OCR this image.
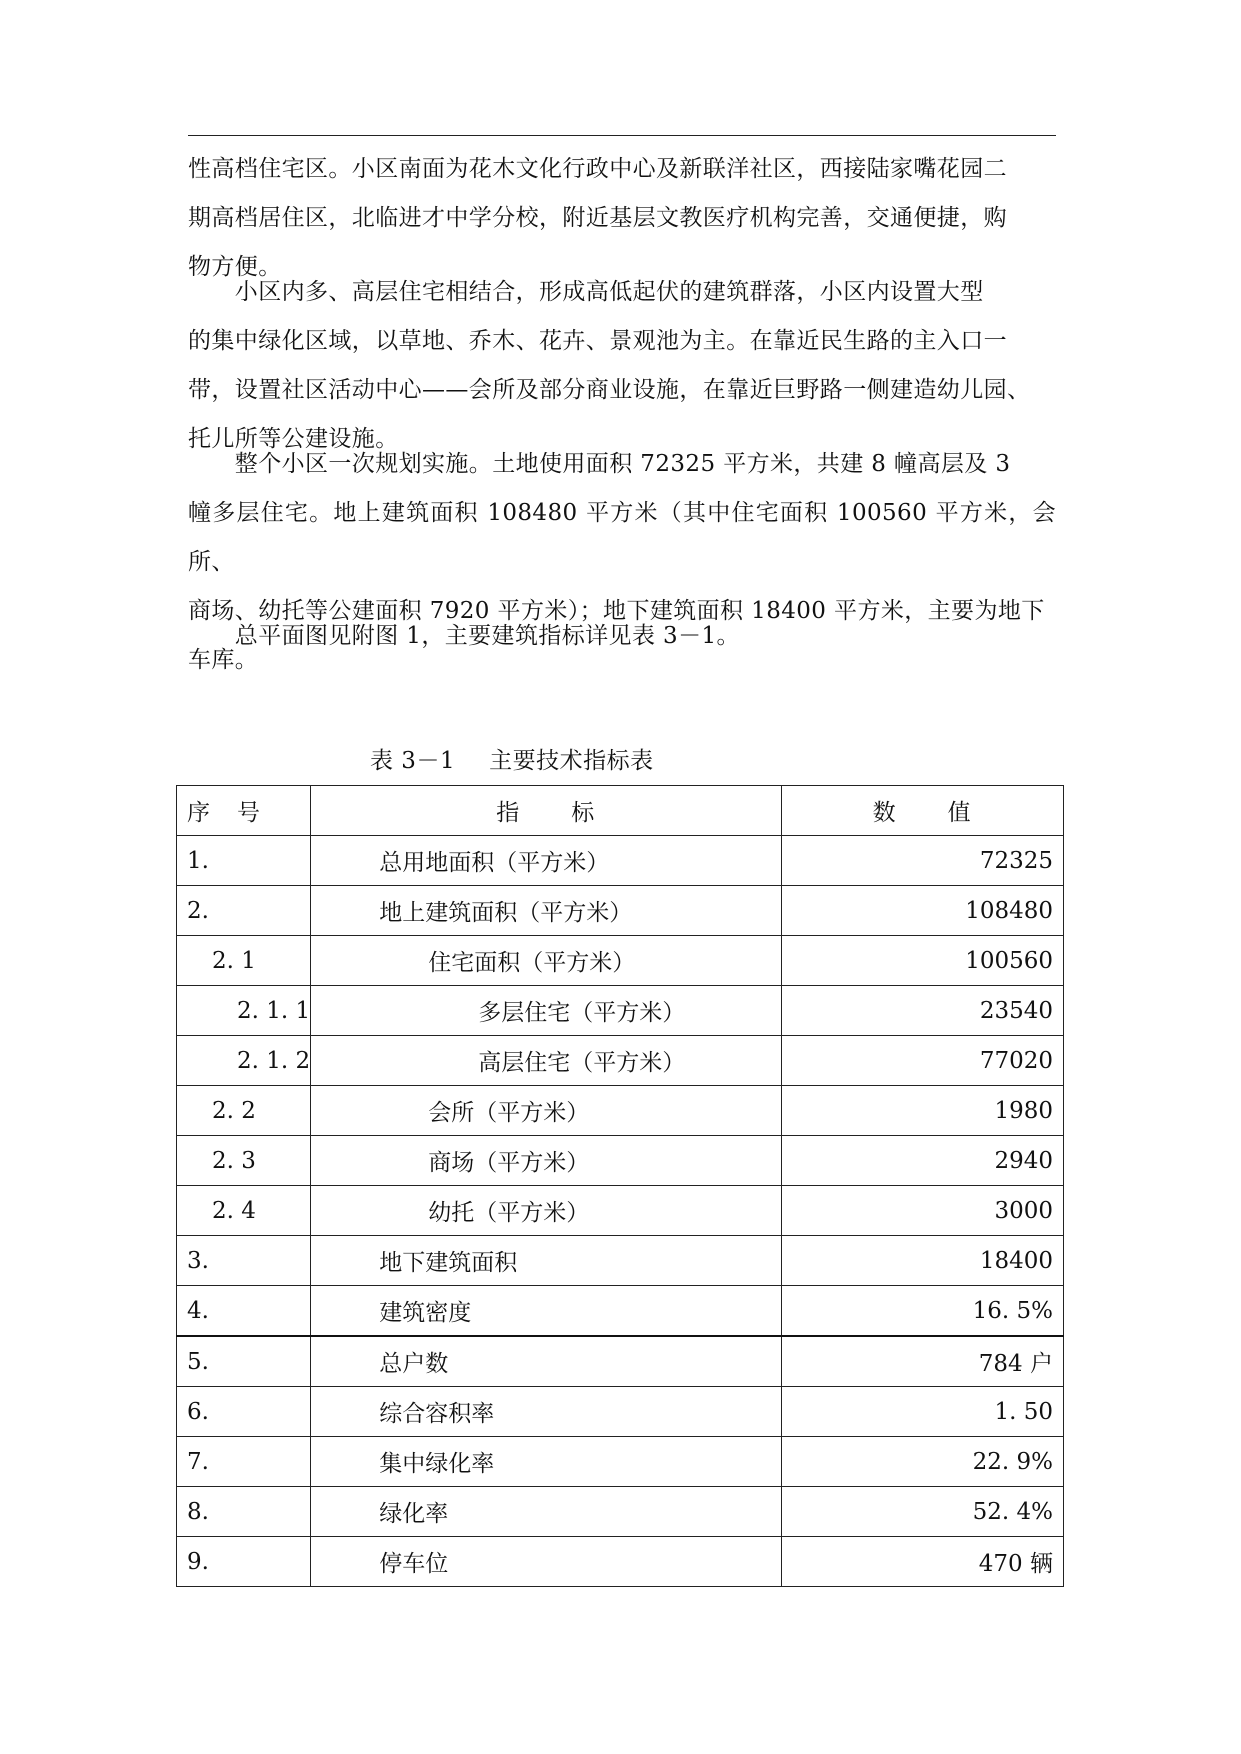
性高档住宅区。小区南面为花木文化行政中心及新联洋社区，西接陆家嘴花园二
期高档居住区，北临进才中学分校，附近基层文教医疗机构完善，交通便捷，购
物方便。
　　小区内多、高层住宅相结合，形成高低起伏的建筑群落，小区内设置大型
的集中绿化区域，以草地、乔木、花卉、景观池为主。在靠近民生路的主入口一
带，设置社区活动中心——会所及部分商业设施，在靠近巨野路一侧建造幼儿园、
托儿所等公建设施。
　　整个小区一次规划实施。土地使用面积 72325 平方米，共建 8 幢高层及 3
幢多层住宅。地上建筑面积 108480 平方米（其中住宅面积 100560 平方米，会所、
商场、幼托等公建面积 7920 平方米）；地下建筑面积 18400 平方米，主要为地下
车库。
　　总平面图见附图 1，主要建筑指标详见表 3－1。
表 3－1 主要技术指标表
序　号	指　　标	数　　值
1.	总用地面积（平方米）	72325
2.	地上建筑面积（平方米）	108480
2. 1	住宅面积（平方米）	100560
2. 1. 1	多层住宅（平方米）	23540
2. 1. 2	高层住宅（平方米）	77020
2. 2	会所（平方米）	1980
2. 3	商场（平方米）	2940
2. 4	幼托（平方米）	3000
3.	地下建筑面积	18400
4.	建筑密度	16. 5%
5.	总户数	784 户
6.	综合容积率	1. 50
7.	集中绿化率	22. 9%
8.	绿化率	52. 4%
9.	停车位	470 辆
